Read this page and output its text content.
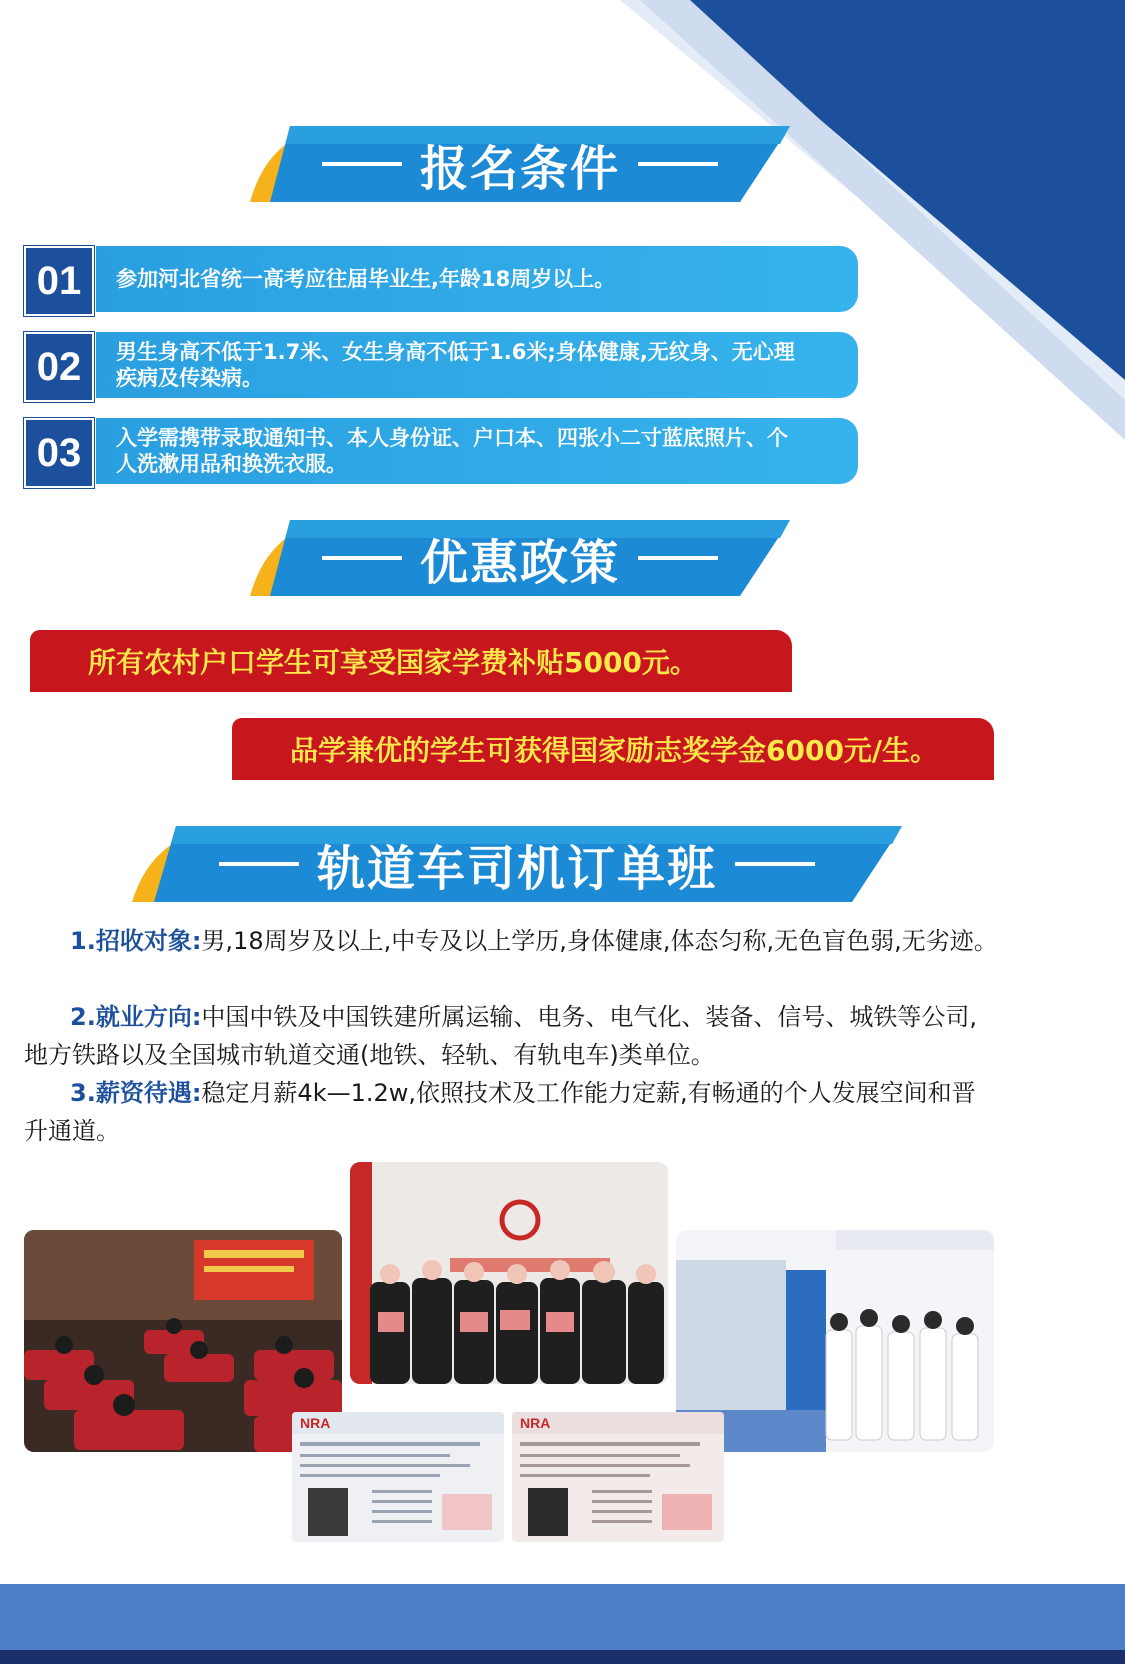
报名条件
01	参加河北省统一高考应往届毕业生,年龄18周岁以上。
02	男生身高不低于1.7米、女生身高不低于1.6米;身体健康,无纹身、无心理疾病及传染病。
03	入学需携带录取通知书、本人身份证、户口本、四张小二寸蓝底照片、个人洗漱用品和换洗衣服。
优惠政策
所有农村户口学生可享受国家学费补贴5000元。
品学兼优的学生可获得国家励志奖学金6000元/生。
轨道车司机订单班
1.招收对象:男,18周岁及以上,中专及以上学历,身体健康,体态匀称,无色盲色弱,无劣迹。
2.就业方向:中国中铁及中国铁建所属运输、电务、电气化、装备、信号、城铁等公司,地方铁路以及全国城市轨道交通(地铁、轻轨、有轨电车)类单位。
3.薪资待遇:稳定月薪4k—1.2w,依照技术及工作能力定薪,有畅通的个人发展空间和晋升通道。
NRA	NRA
